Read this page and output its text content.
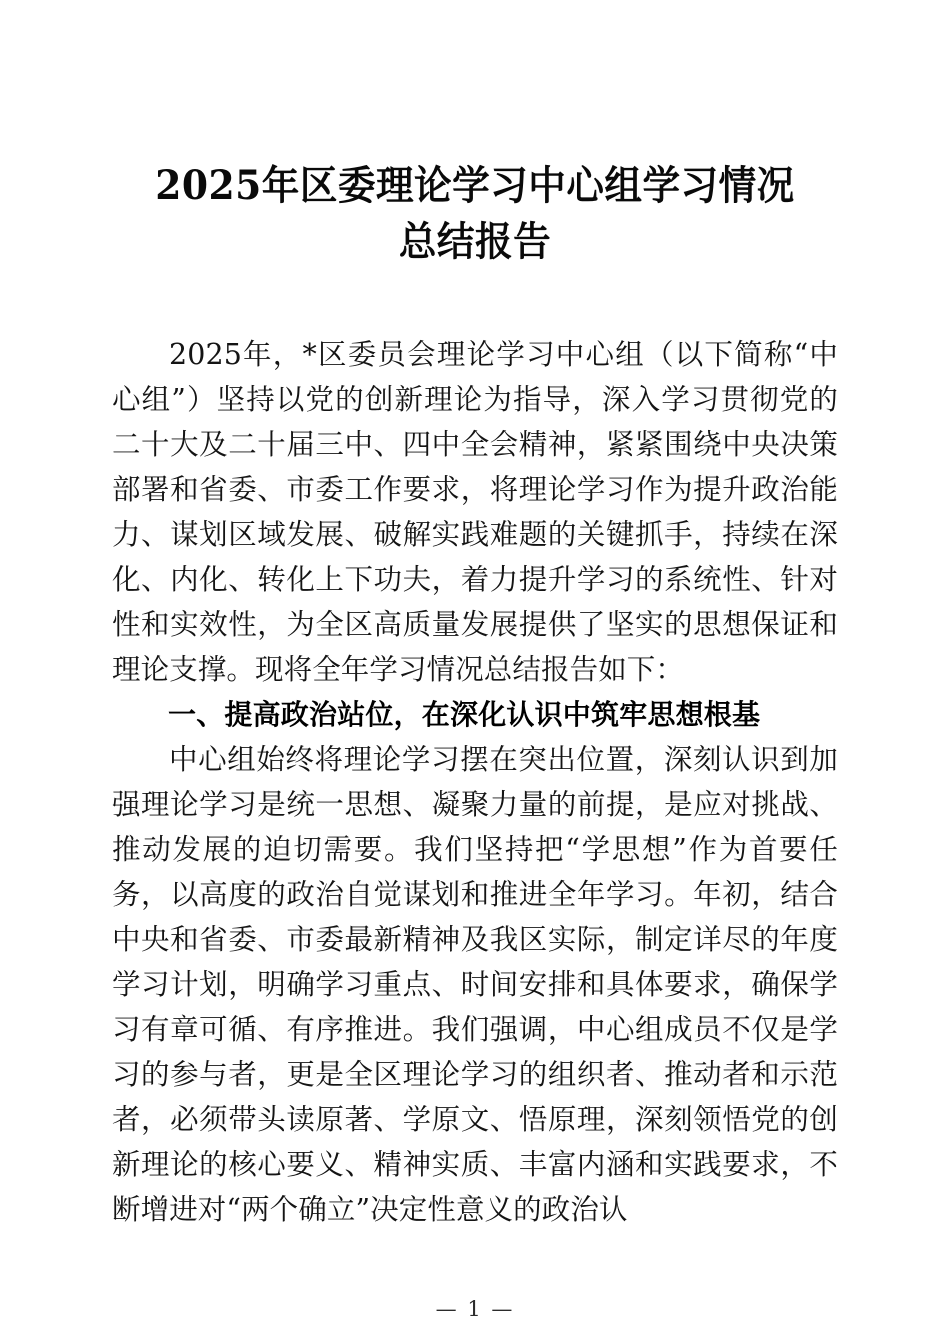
2025年区委理论学习中心组学习情况
总结报告

2025年，*区委员会理论学习中心组（以下简称“中心组”）坚持以党的创新理论为指导，深入学习贯彻党的二十大及二十届三中、四中全会精神，紧紧围绕中央决策部署和省委、市委工作要求，将理论学习作为提升政治能力、谋划区域发展、破解实践难题的关键抓手，持续在深化、内化、转化上下功夫，着力提升学习的系统性、针对性和实效性，为全区高质量发展提供了坚实的思想保证和理论支撑。现将全年学习情况总结报告如下：

一、提高政治站位，在深化认识中筑牢思想根基

中心组始终将理论学习摆在突出位置，深刻认识到加强理论学习是统一思想、凝聚力量的前提，是应对挑战、推动发展的迫切需要。我们坚持把“学思想”作为首要任务，以高度的政治自觉谋划和推进全年学习。年初，结合中央和省委、市委最新精神及我区实际，制定详尽的年度学习计划，明确学习重点、时间安排和具体要求，确保学习有章可循、有序推进。我们强调，中心组成员不仅是学习的参与者，更是全区理论学习的组织者、推动者和示范者，必须带头读原著、学原文、悟原理，深刻领悟党的创新理论的核心要义、精神实质、丰富内涵和实践要求，不断增进对“两个确立”决定性意义的政治认

— 1 —
